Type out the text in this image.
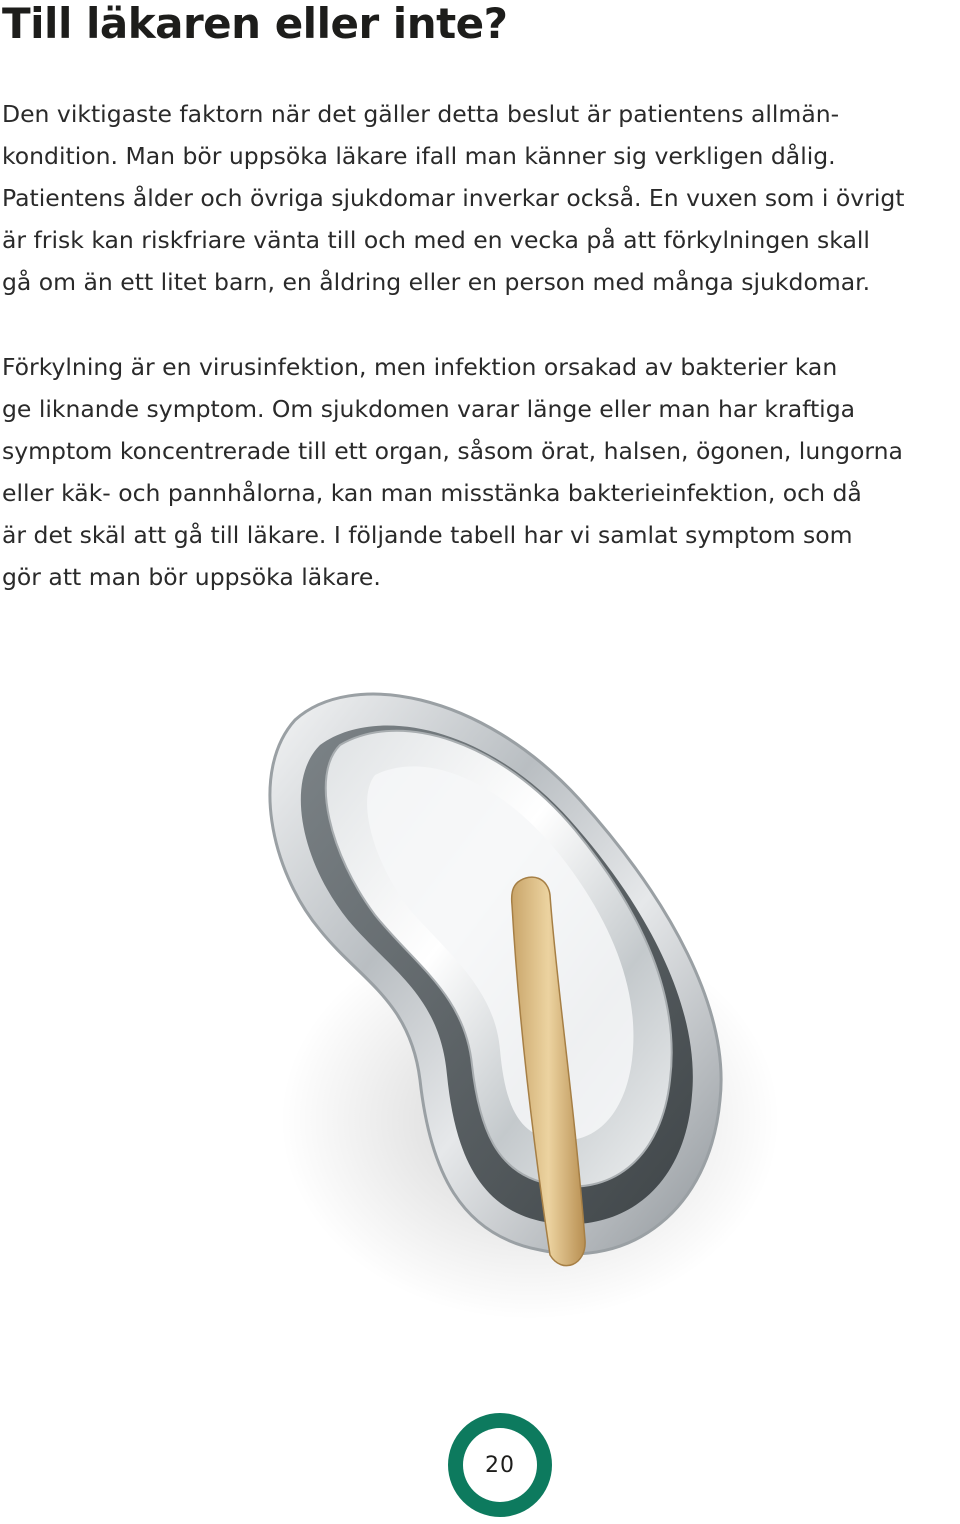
Till läkaren eller inte?

Den viktigaste faktorn när det gäller detta beslut är patientens allmän-
kondition. Man bör uppsöka läkare ifall man känner sig verkligen dålig.
Patientens ålder och övriga sjukdomar inverkar också. En vuxen som i övrigt
är frisk kan riskfriare vänta till och med en vecka på att förkylningen skall
gå om än ett litet barn, en åldring eller en person med många sjukdomar.

Förkylning är en virusinfektion, men infektion orsakad av bakterier kan
ge liknande symptom. Om sjukdomen varar länge eller man har kraftiga
symptom koncentrerade till ett organ, såsom örat, halsen, ögonen, lungorna
eller käk- och pannhålorna, kan man misstänka bakterieinfektion, och då
är det skäl att gå till läkare. I följande tabell har vi samlat symptom som
gör att man bör uppsöka läkare.

20
